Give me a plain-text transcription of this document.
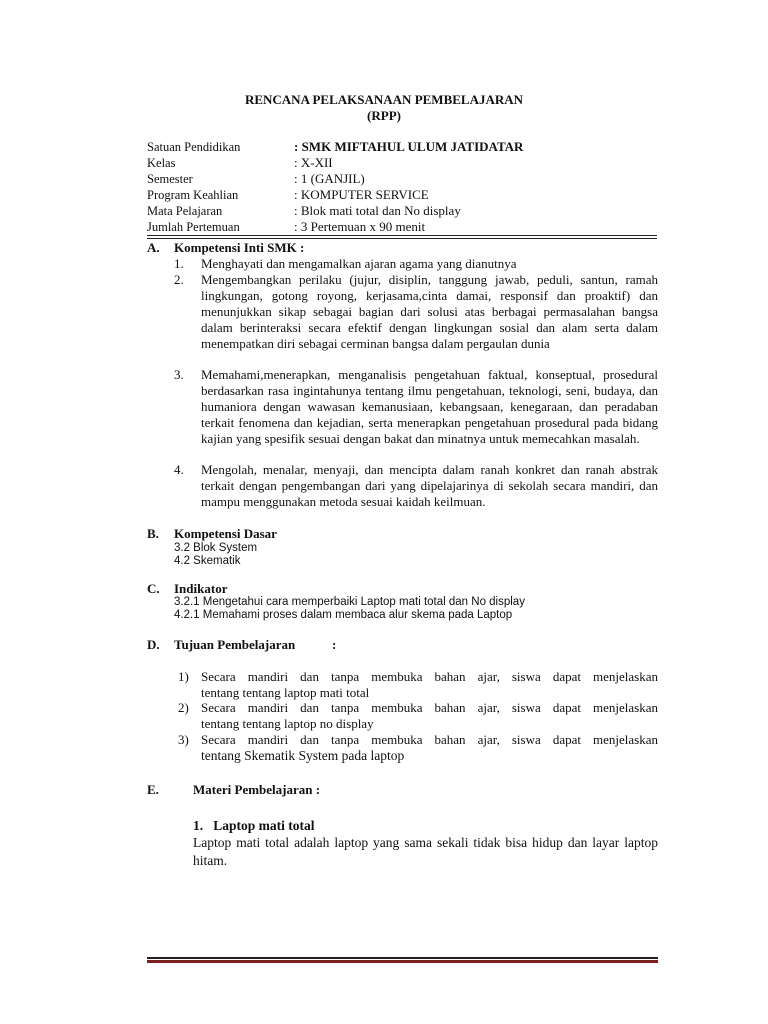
RENCANA PELAKSANAAN PEMBELAJARAN
(RPP)
Satuan Pendidikan	: SMK MIFTAHUL ULUM JATIDATAR
Kelas	: X-XII
Semester	: 1 (GANJIL)
Program Keahlian	: KOMPUTER SERVICE
Mata Pelajaran	: Blok mati total dan No display
Jumlah Pertemuan	: 3 Pertemuan x 90 menit
A. Kompetensi Inti SMK :
1.	Menghayati dan mengamalkan ajaran agama yang dianutnya
2.	Mengembangkan perilaku (jujur, disiplin, tanggung jawab, peduli, santun, ramah lingkungan, gotong royong, kerjasama,cinta damai, responsif dan proaktif) dan menunjukkan sikap sebagai bagian dari solusi atas berbagai permasalahan bangsa dalam berinteraksi secara efektif dengan lingkungan sosial dan alam serta dalam menempatkan diri sebagai cerminan bangsa dalam pergaulan dunia
3.	Memahami,menerapkan, menganalisis pengetahuan faktual, konseptual, prosedural berdasarkan rasa ingintahunya tentang ilmu pengetahuan, teknologi, seni, budaya, dan humaniora dengan wawasan kemanusiaan, kebangsaan, kenegaraan, dan peradaban terkait fenomena dan kejadian, serta menerapkan pengetahuan prosedural pada bidang kajian yang spesifik sesuai dengan bakat dan minatnya untuk memecahkan masalah.
4.	Mengolah, menalar, menyaji, dan mencipta dalam ranah konkret dan ranah abstrak terkait dengan pengembangan dari yang dipelajarinya di sekolah secara mandiri, dan mampu menggunakan metoda sesuai kaidah keilmuan.
B. Kompetensi Dasar
3.2 Blok System
4.2 Skematik
C. Indikator
3.2.1 Mengetahui cara memperbaiki Laptop mati total dan No display
4.2.1 Memahami proses dalam membaca alur skema pada Laptop
D. Tujuan Pembelajaran	:
1) Secara mandiri dan tanpa membuka bahan ajar, siswa dapat menjelaskan
tentang tentang laptop mati total
2) Secara mandiri dan tanpa membuka bahan ajar, siswa dapat menjelaskan
tentang tentang laptop no display
3) Secara mandiri dan tanpa membuka bahan ajar, siswa dapat menjelaskan
tentang Skematik System pada laptop
E.	Materi Pembelajaran :
1.   Laptop mati total
Laptop mati total adalah laptop yang sama sekali tidak bisa hidup dan layar laptop hitam.
